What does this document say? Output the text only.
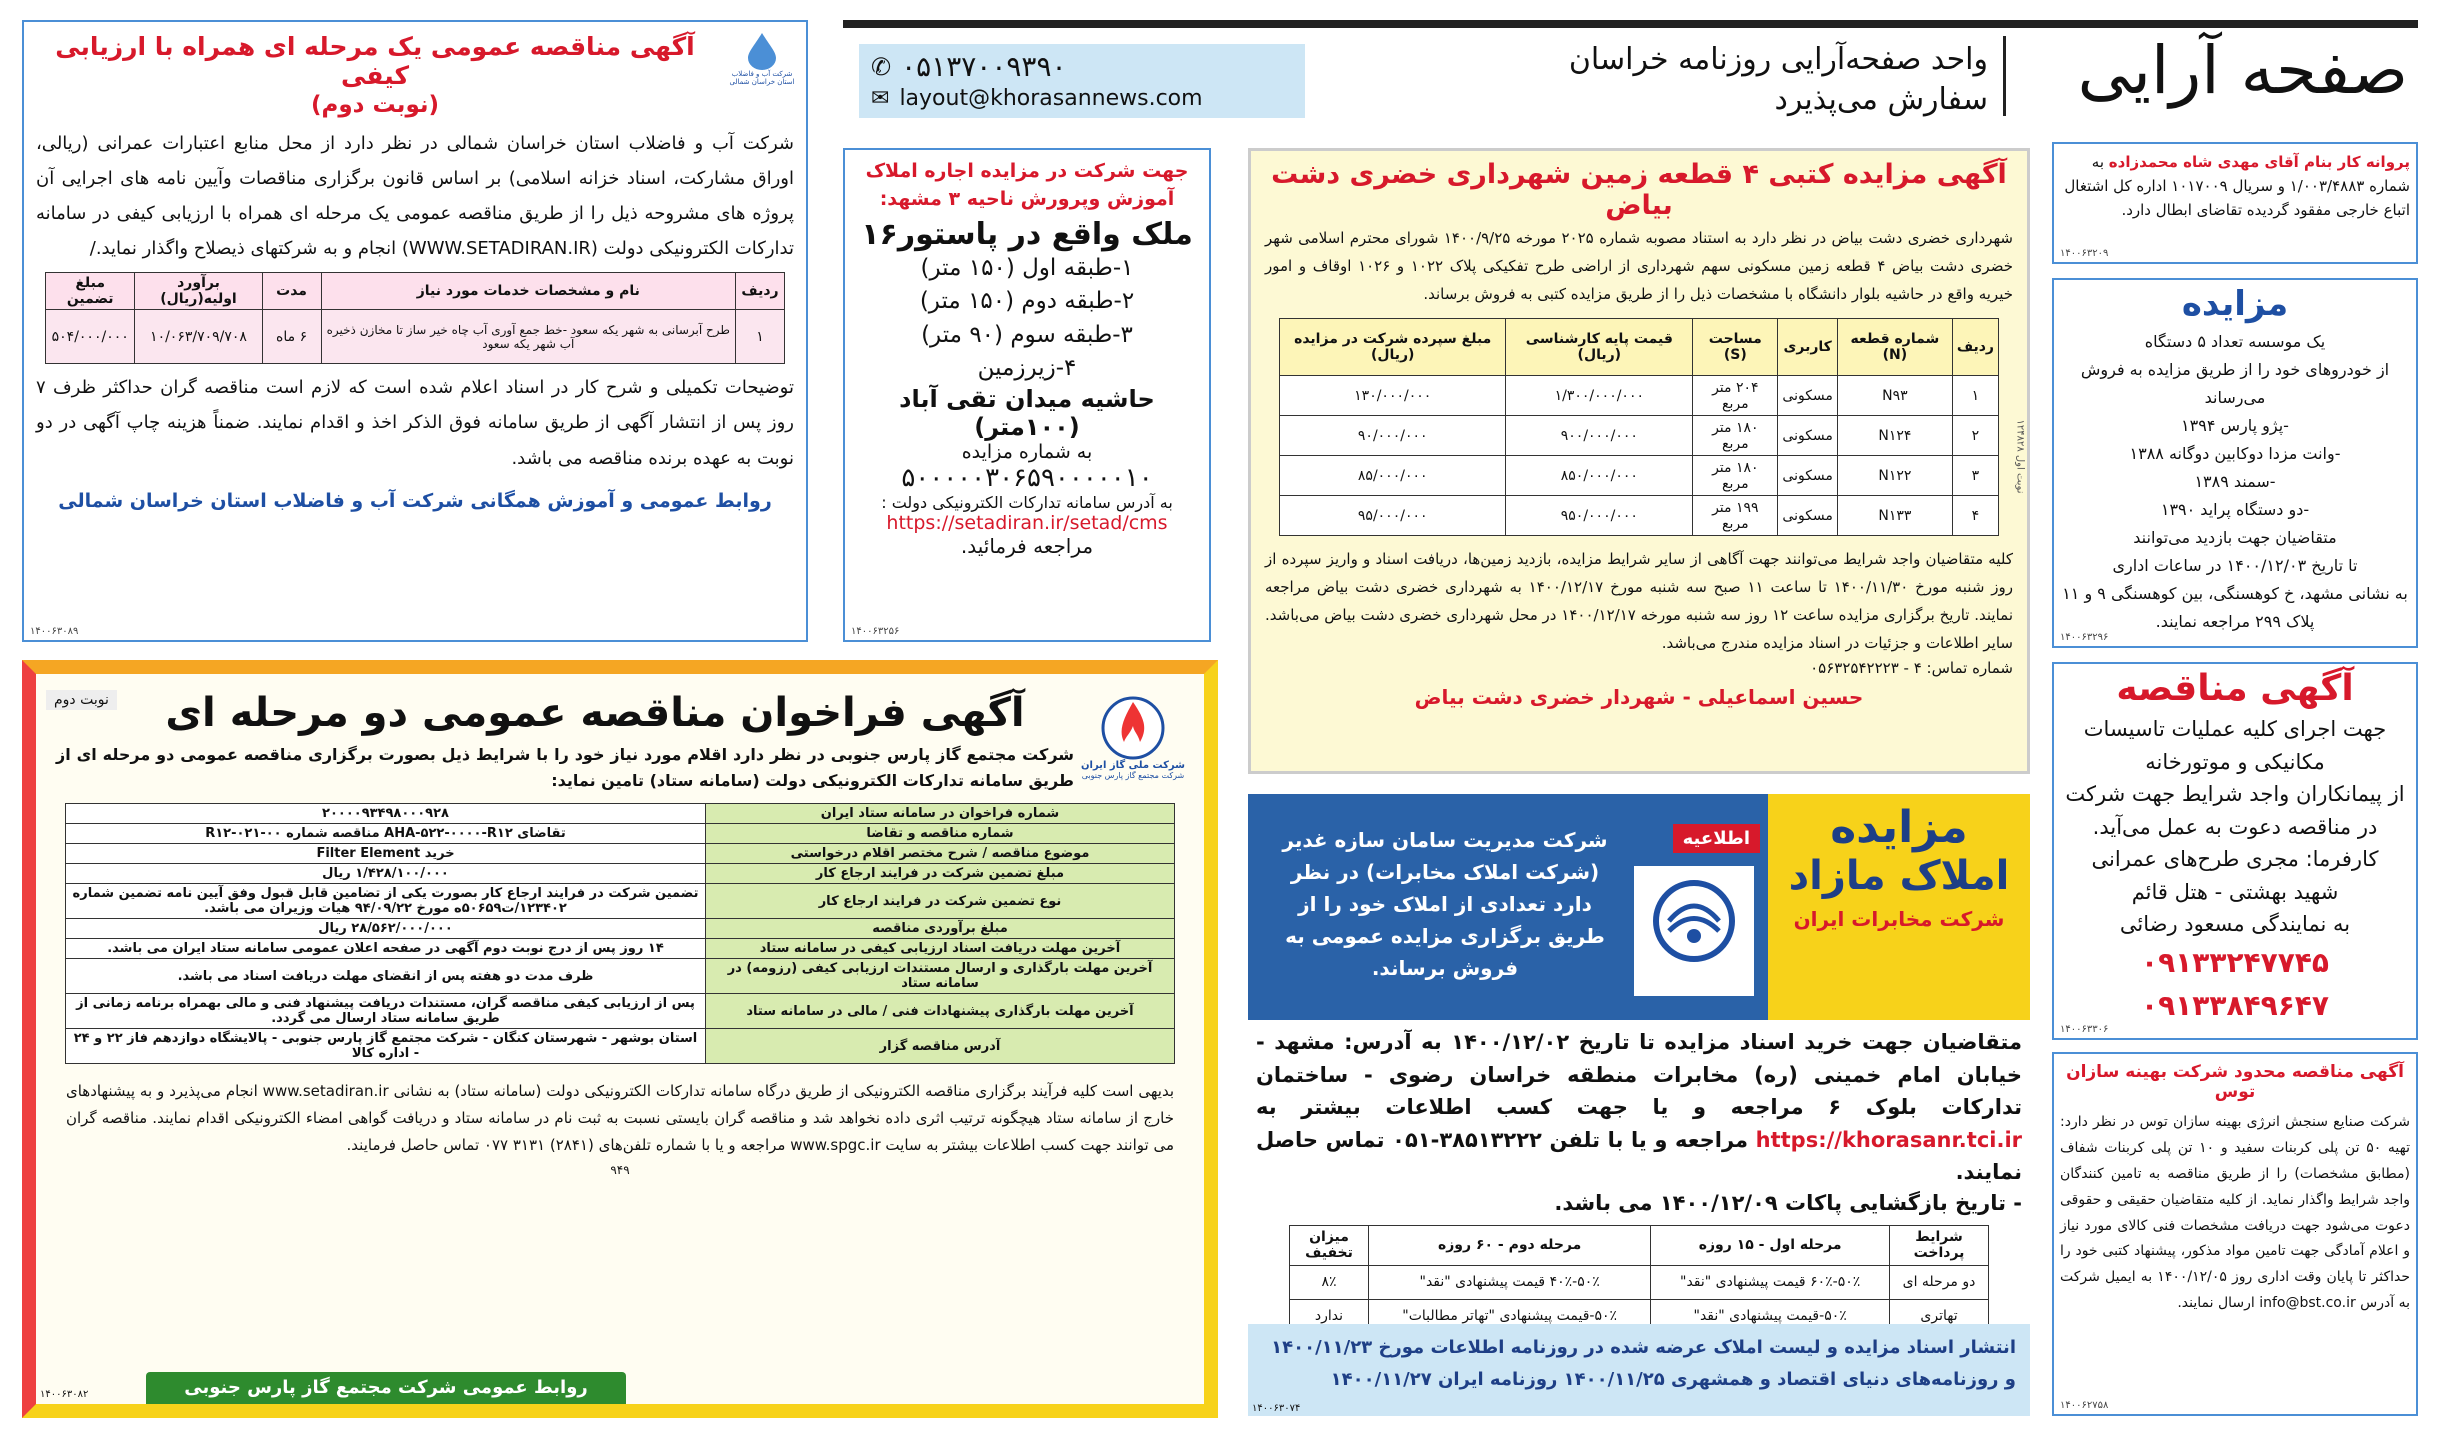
صفحه آرایی
واحد صفحه‌آرایی روزنامه خراسان
سفارش می‌پذیرد
✆ ۰۵۱۳۷۰۰۹۳۹۰
✉ layout@khorasannews.com
پروانه کار بنام آقای مهدی شاه محمدزاده به شماره ۱/۰۰۳/۴۸۸۳ و سریال ۱۰۱۷۰۰۹ اداره کل اشتغال اتباع خارجی مفقود گردیده تقاضای ابطال دارد.
۱۴۰۰۶۳۲۰۹
مزایده
یک موسسه تعداد ۵ دستگاه
از خودروهای خود را از طریق مزایده به فروش می‌رساند
-پژو پارس ۱۳۹۴
-وانت مزدا دوکابین دوگانه ۱۳۸۸
-سمند ۱۳۸۹
-دو دستگاه پراید ۱۳۹۰
متقاضیان جهت بازدید می‌توانند
تا تاریخ ۱۴۰۰/۱۲/۰۳ در ساعات اداری
به نشانی مشهد، خ کوهسنگی، بین کوهسنگی ۹ و ۱۱
پلاک ۲۹۹ مراجعه نمایند.
۱۴۰۰۶۳۲۹۶
آگهی مناقصه
جهت اجرای کلیه عملیات تاسیسات
مکانیکی و موتورخانه
از پیمانکاران واجد شرایط جهت شرکت
در مناقصه دعوت به عمل می‌آید.
کارفرما: مجری طرح‌های عمرانی
شهید بهشتی - هتل قائم
به نمایندگی مسعود رضائی
۰۹۱۳۳۲۴۷۷۴۵
۰۹۱۳۳۸۴۹۶۴۷
۱۴۰۰۶۳۳۰۶
آگهی مناقصه محدود شرکت بهینه سازان توس
شرکت صنایع سنجش انرژی بهینه سازان توس در نظر دارد: تهیه ۵۰ تن پلی کربنات سفید و ۱۰ تن پلی کربنات شفاف (مطابق مشخصات) را از طریق مناقصه به تامین کنندگان واجد شرایط واگذار نماید. از کلیه متقاضیان حقیقی و حقوقی دعوت می‌شود جهت دریافت مشخصات فنی کالای مورد نیاز و اعلام آمادگی جهت تامین مواد مذکور، پیشنهاد کتبی خود را حداکثر تا پایان وقت اداری روز ۱۴۰۰/۱۲/۰۵ به ایمیل شرکت به آدرس info@bst.co.ir ارسال نمایند.
۱۴۰۰۶۲۷۵۸
آگهی مزایده کتبی ۴ قطعه زمین شهرداری خضری دشت بیاض
شهرداری خضری دشت بیاض در نظر دارد به استناد مصوبه شماره ۲۰۲۵ مورخه ۱۴۰۰/۹/۲۵ شورای محترم اسلامی شهر خضری دشت بیاض ۴ قطعه زمین مسکونی سهم شهرداری از اراضی طرح تفکیکی پلاک ۱۰۲۲ و ۱۰۲۶ اوقاف و امور خیریه واقع در حاشیه بلوار دانشگاه با مشخصات ذیل را از طریق مزایده کتبی به فروش برساند.
ردیف	شماره قطعه (N)	کاربری	مساحت (S)	قیمت پایه کارشناسی (ریال)	مبلغ سپرده شرکت در مزایده (ریال)
۱	N۹۳	مسکونی	۲۰۴ متر مربع	۱/۳۰۰/۰۰۰/۰۰۰	۱۳۰/۰۰۰/۰۰۰
۲	N۱۲۴	مسکونی	۱۸۰ متر مربع	۹۰۰/۰۰۰/۰۰۰	۹۰/۰۰۰/۰۰۰
۳	N۱۲۲	مسکونی	۱۸۰ متر مربع	۸۵۰/۰۰۰/۰۰۰	۸۵/۰۰۰/۰۰۰
۴	N۱۳۳	مسکونی	۱۹۹ متر مربع	۹۵۰/۰۰۰/۰۰۰	۹۵/۰۰۰/۰۰۰
کلیه متقاضیان واجد شرایط می‌توانند جهت آگاهی از سایر شرایط مزایده، بازدید زمین‌ها، دریافت اسناد و واریز سپرده از روز شنبه مورخ ۱۴۰۰/۱۱/۳۰ تا ساعت ۱۱ صبح سه شنبه مورخ ۱۴۰۰/۱۲/۱۷ به شهرداری خضری دشت بیاض مراجعه نمایند. تاریخ برگزاری مزایده ساعت ۱۲ روز سه شنبه مورخه ۱۴۰۰/۱۲/۱۷ در محل شهرداری خضری دشت بیاض می‌باشد. سایر اطلاعات و جزئیات در اسناد مزایده مندرج می‌باشد.
شماره تماس: ۴ - ۰۵۶۳۲۵۴۲۲۲۳
حسین اسماعیلی - شهردار خضری دشت بیاض
نوبت اول ۱۲۴۸۲۸
جهت شرکت در مزایده اجاره املاک آموزش وپرورش ناحیه ۳ مشهد:
ملک واقع در پاستور۱۶
۱-طبقه اول (۱۵۰ متر)
۲-طبقه دوم (۱۵۰ متر)
۳-طبقه سوم (۹۰ متر)
۴-زیرزمین
حاشیه میدان تقی آباد (۱۰۰متر)
به شماره مزایده
۵۰۰۰۰۰۳۰۶۵۹۰۰۰۰۰۱۰
به آدرس سامانه تدارکات الکترونیکی دولت :
https://setadiran.ir/setad/cms
مراجعه فرمائید.
۱۴۰۰۶۳۲۵۶
شرکت آب و فاضلاب استان خراسان شمالی
آگهی مناقصه عمومی یک مرحله ای همراه با ارزیابی کیفی
(نوبت دوم)
شرکت آب و فاضلاب استان خراسان شمالی در نظر دارد از محل منابع اعتبارات عمرانی (ریالی، اوراق مشارکت، اسناد خزانه اسلامی) بر اساس قانون برگزاری مناقصات وآیین نامه های اجرایی آن پروژه های مشروحه ذیل را از طریق مناقصه عمومی یک مرحله ای همراه با ارزیابی کیفی در سامانه تدارکات الکترونیکی دولت (WWW.SETADIRAN.IR) انجام و به شرکتهای ذیصلاح واگذار نماید./
ردیف	نام و مشخصات خدمات مورد نیاز	مدت	برآورد اولیه(ریال)	مبلغ تضمین
۱	طرح آبرسانی به شهر یکه سعود -خط جمع آوری آب چاه خیر ساز تا مخازن ذخیره آب شهر یکه سعود	۶ ماه	۱۰/۰۶۳/۷۰۹/۷۰۸	۵۰۴/۰۰۰/۰۰۰
توضیحات تکمیلی و شرح کار در اسناد اعلام شده است که لازم است مناقصه گران حداکثر ظرف ۷ روز پس از انتشار آگهی از طریق سامانه فوق الذکر اخذ و اقدام نمایند. ضمناً هزینه چاپ آگهی در دو نوبت به عهده برنده مناقصه می باشد.
روابط عمومی و آموزش همگانی شرکت آب و فاضلاب استان خراسان شمالی
۱۴۰۰۶۳۰۸۹
نوبت دوم
شرکت ملی گاز ایران
شرکت مجتمع گاز پارس جنوبی
آگهی فراخوان مناقصه عمومی دو مرحله ای
شرکت مجتمع گاز پارس جنوبی در نظر دارد اقلام مورد نیاز خود را با شرایط ذیل بصورت برگزاری مناقصه عمومی دو مرحله ای از طریق سامانه تدارکات الکترونیکی دولت (سامانه ستاد) تامین نماید:
شماره فراخوان در سامانه ستاد ایران	۲۰۰۰۰۹۳۴۹۸۰۰۰۹۲۸
شماره مناقصه و تقاضا	تقاضای AHA-۵۲۲-۰۰۰۰-R۱۲ مناقصه شماره ۰۰-۰۲۱-R۱۲
موضوع مناقصه / شرح مختصر اقلام درخواستی	خرید Filter Element
مبلغ تضمین شرکت در فرایند ارجاع کار	۱/۴۲۸/۱۰۰/۰۰۰ ریال
نوع تضمین شرکت در فرایند ارجاع کار	تضمین شرکت در فرایند ارجاع کار بصورت یکی از تضامین قابل قبول وفق آیین نامه تضمین شماره ۱۲۳۴۰۲/ت۵۰۶۵۹ه مورخ ۹۴/۰۹/۲۲ هیات وزیران می باشد.
مبلغ برآوردی مناقصه	۲۸/۵۶۲/۰۰۰/۰۰۰ ریال
آخرین مهلت دریافت اسناد ارزیابی کیفی در سامانه ستاد	۱۴ روز پس از درج نوبت دوم آگهی در صفحه اعلان عمومی سامانه ستاد ایران می باشد.
آخرین مهلت بارگذاری و ارسال مستندات ارزیابی کیفی (رزومه) در سامانه ستاد	ظرف مدت دو هفته پس از انقضای مهلت دریافت اسناد می باشد.
آخرین مهلت بارگذاری پیشنهادات فنی / مالی در سامانه ستاد	پس از ارزیابی کیفی مناقصه گران، مستندات دریافت پیشنهاد فنی و مالی بهمراه برنامه زمانی از طریق سامانه ستاد ارسال می گردد.
آدرس مناقصه گزار	استان بوشهر - شهرستان کنگان - شرکت مجتمع گاز پارس جنوبی - پالایشگاه دوازدهم فاز ۲۲ و ۲۴ - اداره کالا
بدیهی است کلیه فرآیند برگزاری مناقصه الکترونیکی از طریق درگاه سامانه تدارکات الکترونیکی دولت (سامانه ستاد) به نشانی www.setadiran.ir انجام می‌پذیرد و به پیشنهادهای خارج از سامانه ستاد هیچگونه ترتیب اثری داده نخواهد شد و مناقصه گران بایستی نسبت به ثبت نام در سامانه ستاد و دریافت گواهی امضاء الکترونیکی اقدام نمایند. مناقصه گران می توانند جهت کسب اطلاعات بیشتر به سایت www.spgc.ir مراجعه و یا با شماره تلفن‌های (۲۸۴۱) ۳۱۳۱ ۰۷۷ تماس حاصل فرمایند.
۹۴۹
روابط عمومی شرکت مجتمع گاز پارس جنوبی
۱۴۰۰۶۳۰۸۲
مزایده
املاک مازاد
شرکت مخابرات ایران
اطلاعیه
شرکت مدیریت سامان سازه غدیر (شرکت املاک مخابرات) در نظر دارد تعدادی از املاک خود را از طریق برگزاری مزایده عمومی به فروش برساند.
متقاضیان جهت خرید اسناد مزایده تا تاریخ ۱۴۰۰/۱۲/۰۲ به آدرس: مشهد - خیابان امام خمینی (ره) مخابرات منطقه خراسان رضوی - ساختمان تدارکات بلوک ۶ مراجعه و یا جهت کسب اطلاعات بیشتر به https://khorasanr.tci.ir مراجعه و یا با تلفن ۳۸۵۱۳۲۲۲-۰۵۱ تماس حاصل نمایند.
- تاریخ بازگشایی پاکات ۱۴۰۰/۱۲/۰۹ می باشد.
شرایط پرداخت	مرحله اول - ۱۵ روزه	مرحله دوم - ۶۰ روزه	میزان تخفیف
دو مرحله ای	۵۰٪-۶۰٪ قیمت پیشنهادی "نقد"	۵۰٪-۴۰٪ قیمت پیشنهادی "نقد"	۸٪
تهاتری	۵۰٪-قیمت پیشنهادی "نقد"	۵۰٪-قیمت پیشنهادی "تهاتر مطالبات"	ندارد
انتشار اسناد مزایده و لیست املاک عرضه شده در روزنامه اطلاعات مورخ ۱۴۰۰/۱۱/۲۳ و روزنامه‌های دنیای اقتصاد و همشهری ۱۴۰۰/۱۱/۲۵ روزنامه ایران ۱۴۰۰/۱۱/۲۷
۱۴۰۰۶۳۰۷۴
